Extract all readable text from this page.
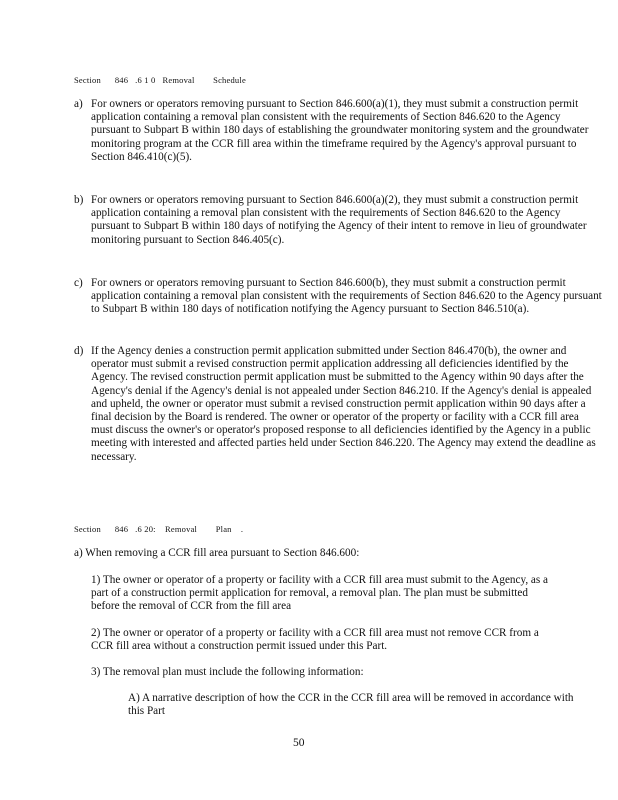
Section      846   .6 1 0   Removal        Schedule
a) For owners or operators removing pursuant to Section 846.600(a)(1), they must submit a construction permit application containing a removal plan consistent with the requirements of Section 846.620 to the Agency pursuant to Subpart B within 180 days of establishing the groundwater monitoring system and the groundwater monitoring program at the CCR fill area within the timeframe required by the Agency's approval pursuant to Section 846.410(c)(5).
b) For owners or operators removing pursuant to Section 846.600(a)(2), they must submit a construction permit application containing a removal plan consistent with the requirements of Section 846.620 to the Agency pursuant to Subpart B within 180 days of notifying the Agency of their intent to remove in lieu of groundwater monitoring pursuant to Section 846.405(c).
c) For owners or operators removing pursuant to Section 846.600(b), they must submit a construction permit application containing a removal plan consistent with the requirements of Section 846.620 to the Agency pursuant to Subpart B within 180 days of notification notifying the Agency pursuant to Section 846.510(a).
d) If the Agency denies a construction permit application submitted under Section 846.470(b), the owner and operator must submit a revised construction permit application addressing all deficiencies identified by the Agency. The revised construction permit application must be submitted to the Agency within 90 days after the Agency's denial if the Agency's denial is not appealed under Section 846.210. If the Agency's denial is appealed and upheld, the owner or operator must submit a revised construction permit application within 90 days after a final decision by the Board is rendered. The owner or operator of the property or facility with a CCR fill area must discuss the owner's or operator's proposed response to all deficiencies identified by the Agency in a public meeting with interested and affected parties held under Section 846.220. The Agency may extend the deadline as necessary.
Section      846   .6 20:    Removal        Plan    .
a) When removing a CCR fill area pursuant to Section 846.600:
1) The owner or operator of a property or facility with a CCR fill area must submit to the Agency, as a part of a construction permit application for removal, a removal plan. The plan must be submitted before the removal of CCR from the fill area
2) The owner or operator of a property or facility with a CCR fill area must not remove CCR from a CCR fill area without a construction permit issued under this Part.
3) The removal plan must include the following information:
A) A narrative description of how the CCR in the CCR fill area will be removed in accordance with this Part
50
